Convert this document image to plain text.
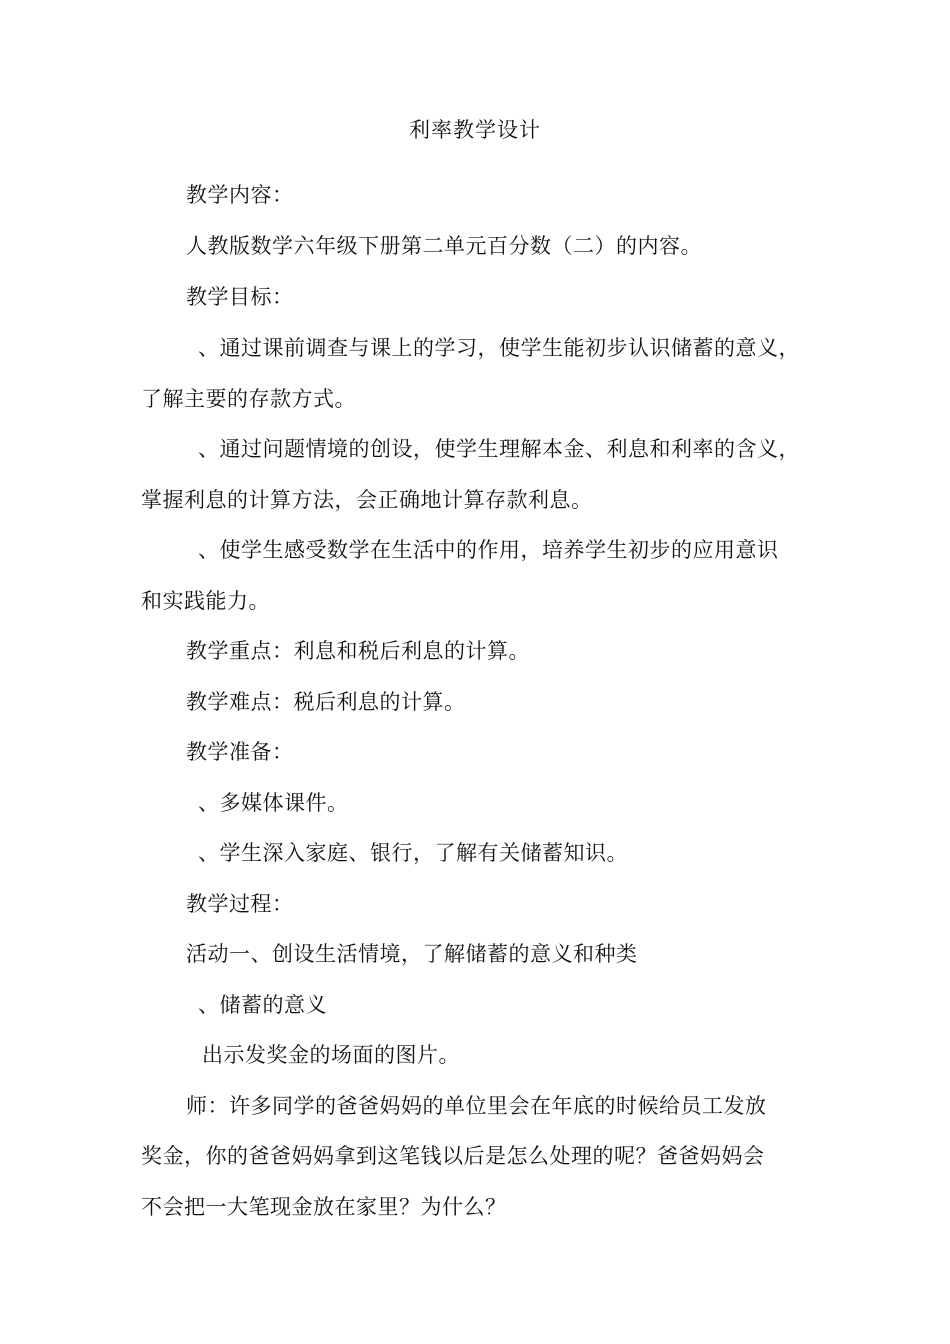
利率教学设计
教学内容：
人教版数学六年级下册第二单元百分数（二）的内容。
教学目标：
、通过课前调查与课上的学习，使学生能初步认识储蓄的意义，
了解主要的存款方式。
、通过问题情境的创设，使学生理解本金、利息和利率的含义，
掌握利息的计算方法，会正确地计算存款利息。
、使学生感受数学在生活中的作用，培养学生初步的应用意识
和实践能力。
教学重点：利息和税后利息的计算。
教学难点：税后利息的计算。
教学准备：
、多媒体课件。
、学生深入家庭、银行，了解有关储蓄知识。
教学过程：
活动一、创设生活情境，了解储蓄的意义和种类
、储蓄的意义
出示发奖金的场面的图片。
师：许多同学的爸爸妈妈的单位里会在年底的时候给员工发放
奖金，你的爸爸妈妈拿到这笔钱以后是怎么处理的呢？爸爸妈妈会
不会把一大笔现金放在家里？为什么？
